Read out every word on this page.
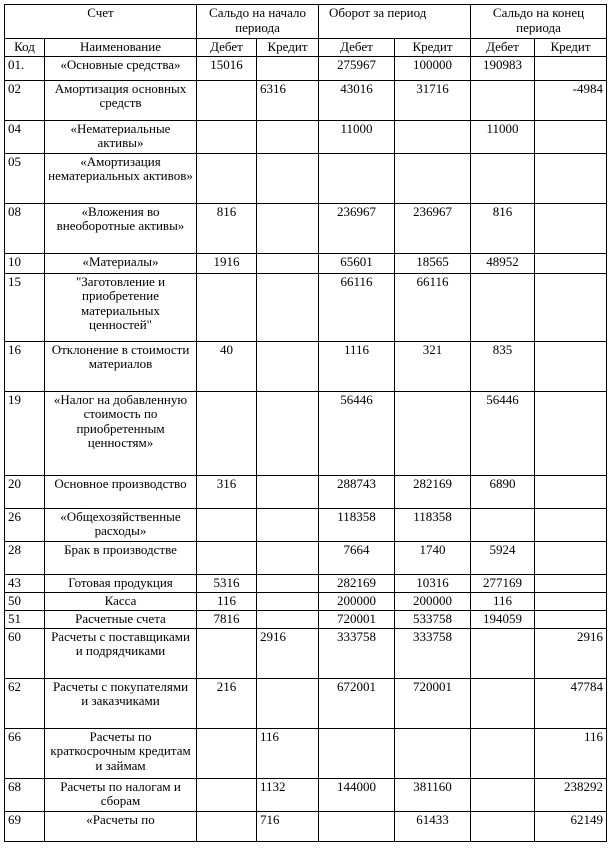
Счет		Сальдо на начало периода		Оборот за период		Сальдо на конец периода	
Код	Наименование	Дебет	Кредит	Дебет	Кредит	Дебет	Кредит
01.	«Основные средства»	15016		275967	100000	190983	
02	Амортизация основных средств		6316	43016	31716		-4984
04	«Нематериальные активы»			11000		11000	
05	«Амортизация нематериальных активов»						
08	«Вложения во внеоборотные активы»	816		236967	236967	816	
10	«Материалы»	1916		65601	18565	48952	
15	"Заготовление и приобретение материальных ценностей"			66116	66116		
16	Отклонение в стоимости материалов	40		1116	321	835	
19	«Налог на добавленную стоимость по приобретенным ценностям»			56446		56446	
20	Основное производство	316		288743	282169	6890	
26	«Общехозяйственные расходы»			118358	118358		
28	Брак в производстве			7664	1740	5924	
43	Готовая продукция	5316		282169	10316	277169	
50	Касса	116		200000	200000	116	
51	Расчетные счета	7816		720001	533758	194059	
60	Расчеты с поставщиками и подрядчиками		2916	333758	333758		2916
62	Расчеты с покупателями и заказчиками	216		672001	720001		47784
66	Расчеты по краткосрочным кредитам и займам		116				116
68	Расчеты по налогам и сборам		1132	144000	381160		238292
69	«Расчеты по		716		61433		62149
